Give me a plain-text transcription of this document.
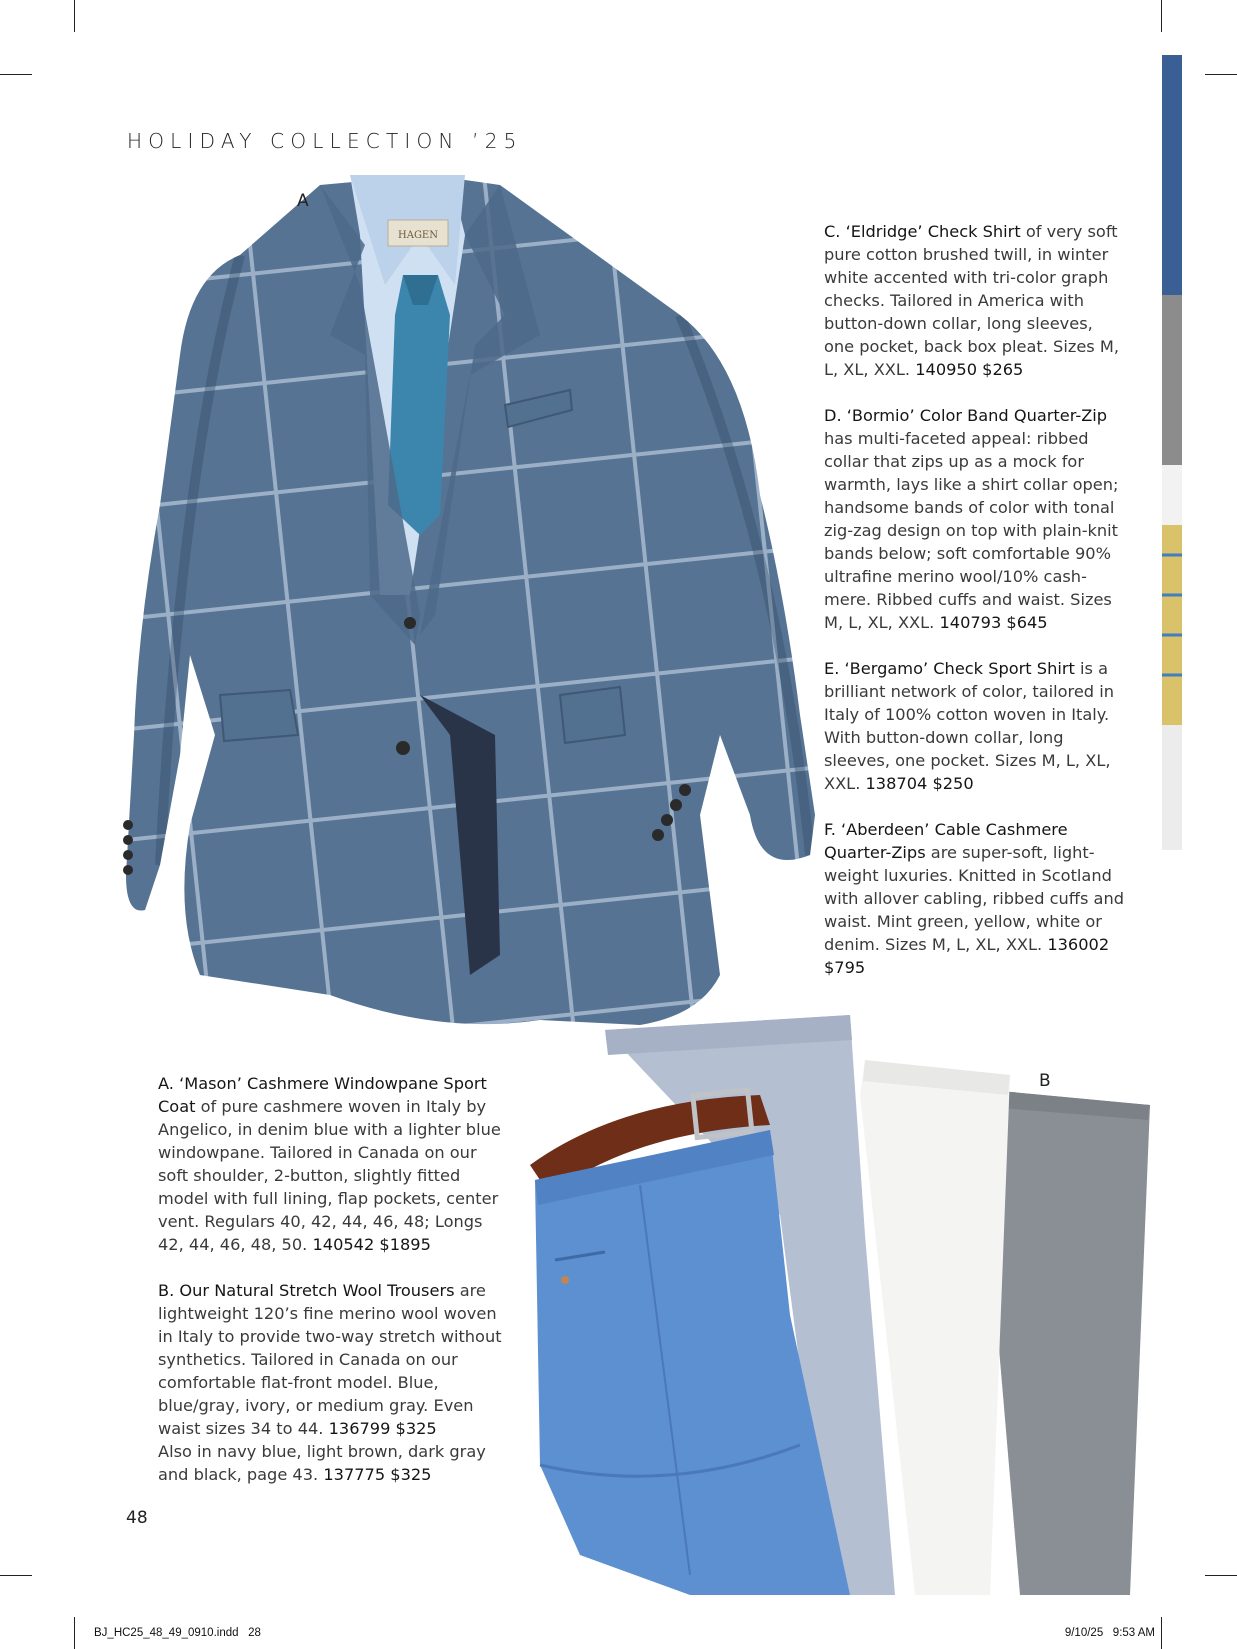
HOLIDAY COLLECTION ’25
HAGEN
A
B

C. ‘Eldridge’ Check Shirt of very soft pure cotton brushed twill, in winter white accented with tri-color graph checks. Tailored in America with button-down collar, long sleeves, one pocket, back box pleat. Sizes M, L, XL, XXL. 140950 $265

D. ‘Bormio’ Color Band Quarter-Zip has multi-faceted appeal: ribbed collar that zips up as a mock for warmth, lays like a shirt collar open; handsome bands of color with tonal zig-zag design on top with plain-knit bands below; soft comfortable 90% ultrafine merino wool/10% cash-mere. Ribbed cuffs and waist. Sizes M, L, XL, XXL. 140793 $645

E. ‘Bergamo’ Check Sport Shirt is a brilliant network of color, tailored in Italy of 100% cotton woven in Italy. With button-down collar, long sleeves, one pocket. Sizes M, L, XL, XXL. 138704 $250

F. ‘Aberdeen’ Cable Cashmere Quarter-Zips are super-soft, light-weight luxuries. Knitted in Scotland with allover cabling, ribbed cuffs and waist. Mint green, yellow, white or denim. Sizes M, L, XL, XXL. 136002 $795

A. ‘Mason’ Cashmere Windowpane Sport Coat of pure cashmere woven in Italy by Angelico, in denim blue with a lighter blue windowpane. Tailored in Canada on our soft shoulder, 2-button, slightly fitted model with full lining, flap pockets, center vent. Regulars 40, 42, 44, 46, 48; Longs 42, 44, 46, 48, 50. 140542 $1895

B. Our Natural Stretch Wool Trousers are lightweight 120’s fine merino wool woven in Italy to provide two-way stretch without synthetics. Tailored in Canada on our comfortable flat-front model. Blue, blue/gray, ivory, or medium gray. Even waist sizes 34 to 44. 136799 $325
Also in navy blue, light brown, dark gray and black, page 43. 137775 $325

48
BJ_HC25_48_49_0910.indd   28	9/10/25   9:53 AM
